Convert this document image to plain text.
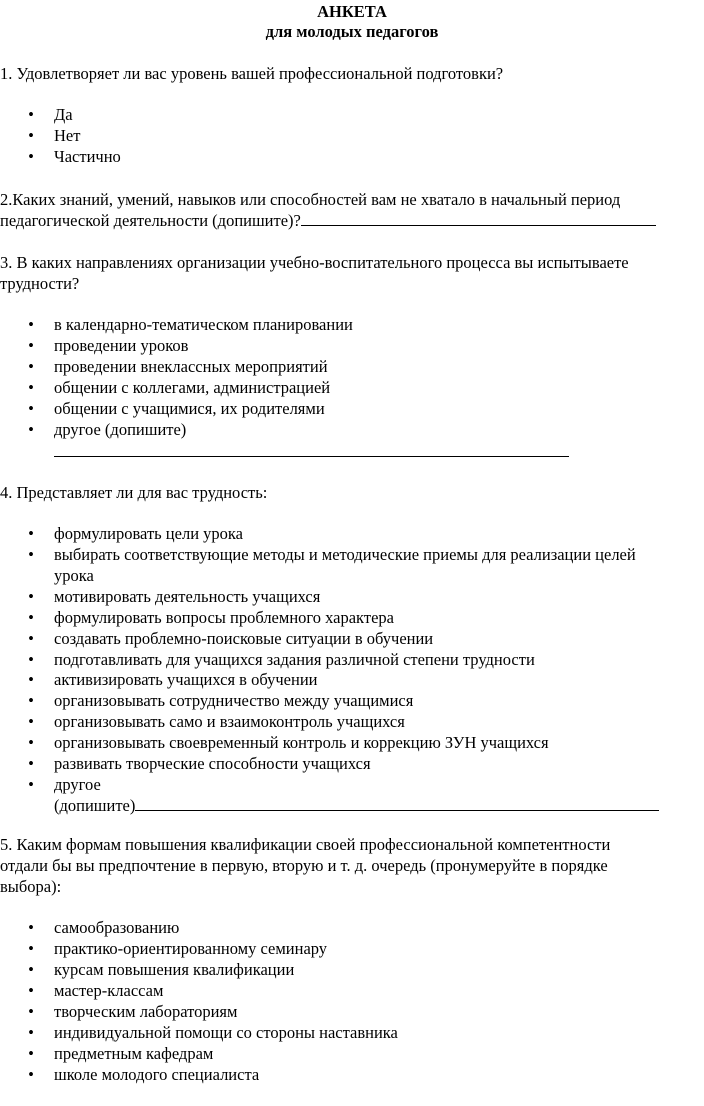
АНКЕТА
для молодых педагогов
1. Удовлетворяет ли вас уровень вашей профессиональной подготовки?
• Да
• Нет
• Частично
2.Каких знаний, умений, навыков или способностей вам не хватало в начальный период
педагогической деятельности (допишите)?
3. В каких направлениях организации учебно-воспитательного процесса вы испытываете
трудности?
• в календарно-тематическом планировании
• проведении уроков
• проведении внеклассных мероприятий
• общении с коллегами, администрацией
• общении с учащимися, их родителями
• другое (допишите)
4. Представляет ли для вас трудность:
• формулировать цели урока
• выбирать соответствующие методы и методические приемы для реализации целей
урока
• мотивировать деятельность учащихся
• формулировать вопросы проблемного характера
• создавать проблемно-поисковые ситуации в обучении
• подготавливать для учащихся задания различной степени трудности
• активизировать учащихся в обучении
• организовывать сотрудничество между учащимися
• организовывать само и взаимоконтроль учащихся
• организовывать своевременный контроль и коррекцию ЗУН учащихся
• развивать творческие способности учащихся
• другое
(допишите)
5. Каким формам повышения квалификации своей профессиональной компетентности
отдали бы вы предпочтение в первую, вторую и т. д. очередь (пронумеруйте в порядке
выбора):
• самообразованию
• практико-ориентированному семинару
• курсам повышения квалификации
• мастер-классам
• творческим лабораториям
• индивидуальной помощи со стороны наставника
• предметным кафедрам
• школе молодого специалиста
